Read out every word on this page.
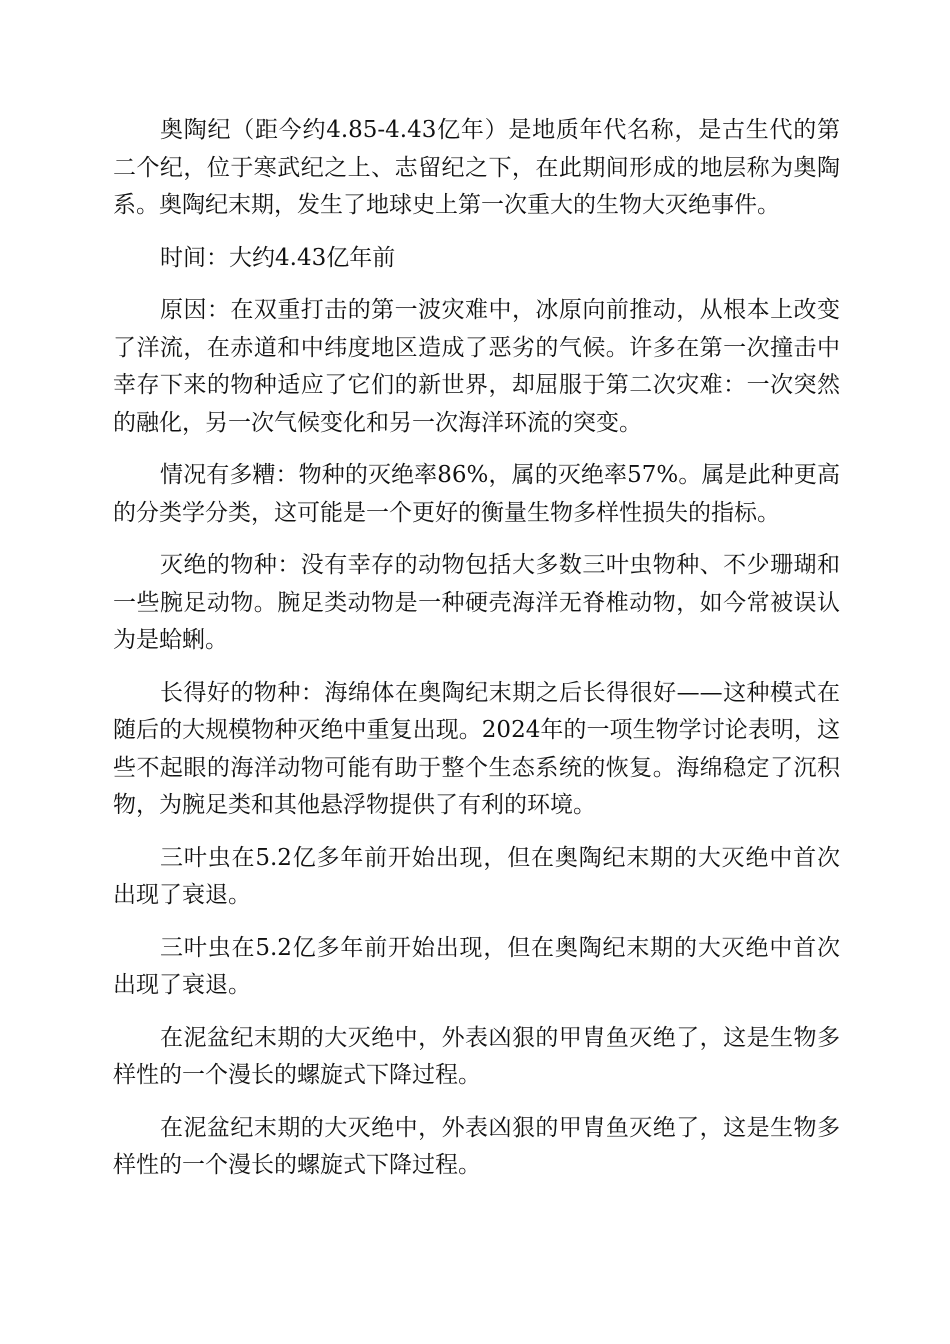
奥陶纪（距今约4.85-4.43亿年）是地质年代名称，是古生代的第二个纪，位于寒武纪之上、志留纪之下，在此期间形成的地层称为奥陶系。奥陶纪末期，发生了地球史上第一次重大的生物大灭绝事件。

时间：大约4.43亿年前

原因：在双重打击的第一波灾难中，冰原向前推动，从根本上改变了洋流，在赤道和中纬度地区造成了恶劣的气候。许多在第一次撞击中幸存下来的物种适应了它们的新世界，却屈服于第二次灾难：一次突然的融化，另一次气候变化和另一次海洋环流的突变。

情况有多糟：物种的灭绝率86%，属的灭绝率57%。属是此种更高的分类学分类，这可能是一个更好的衡量生物多样性损失的指标。

灭绝的物种：没有幸存的动物包括大多数三叶虫物种、不少珊瑚和一些腕足动物。腕足类动物是一种硬壳海洋无脊椎动物，如今常被误认为是蛤蜊。

长得好的物种：海绵体在奥陶纪末期之后长得很好——这种模式在随后的大规模物种灭绝中重复出现。2024年的一项生物学讨论表明，这些不起眼的海洋动物可能有助于整个生态系统的恢复。海绵稳定了沉积物，为腕足类和其他悬浮物提供了有利的环境。

三叶虫在5.2亿多年前开始出现，但在奥陶纪末期的大灭绝中首次出现了衰退。

三叶虫在5.2亿多年前开始出现，但在奥陶纪末期的大灭绝中首次出现了衰退。

在泥盆纪末期的大灭绝中，外表凶狠的甲胄鱼灭绝了，这是生物多样性的一个漫长的螺旋式下降过程。

在泥盆纪末期的大灭绝中，外表凶狠的甲胄鱼灭绝了，这是生物多样性的一个漫长的螺旋式下降过程。
